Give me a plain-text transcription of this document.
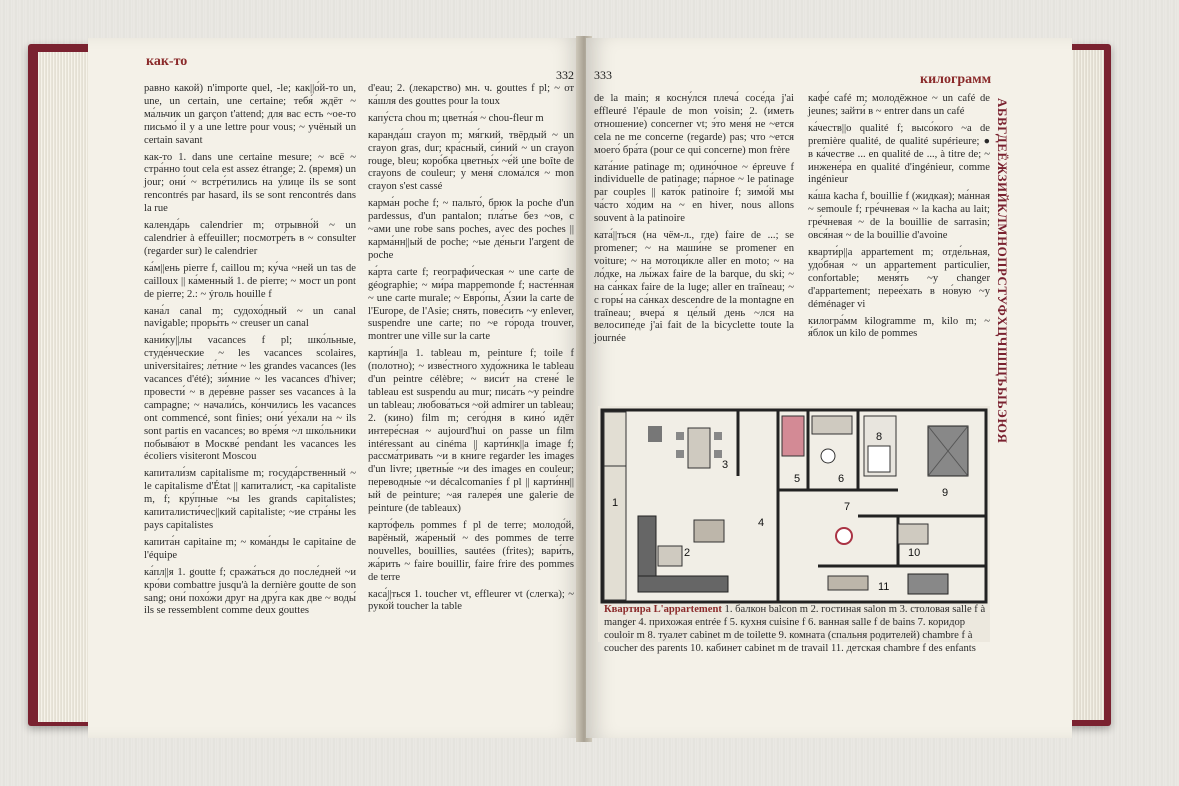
как-то
332

равно какой) n'importe quel, -le; как||о́й-то un, une, un certain, une certaine; тебя́ ждёт ~ ма́льчик un garçon t'attend; для вас есть ~ое-то письмо́ il y a une lettre pour vous; ~ учёный un certain savant

как-то 1. dans une certaine mesure; ~ всё ~ стра́нно tout cela est assez étrange; 2. (время) un jour; они́ ~ встре́тились на у́лице ils se sont rencontrés par hasard, ils se sont rencontrés dans la rue

календа́рь calendrier m; отрывно́й ~ un calendrier à effeuiller; посмотре́ть в ~ consulter (regarder sur) le calendrier

ка́м||ень pierre f, caillou m; ку́ча ~ней un tas de cailloux || ка́менный 1. de pierre; ~ мост un pont de pierre; 2.: ~ ýголь houille f

кана́л canal m; судохо́дный ~ un canal navigable; проры́ть ~ creuser un canal

кани́ку||лы vacances f pl; шко́льные, студе́нческие ~ les vacances scolaires, universitaires; ле́тние ~ les grandes vacances (les vacances d'été); зи́мние ~ les vacances d'hiver; провести́ ~ в дере́вне passer ses vacances à la campagne; ~ начали́сь, ко́нчились les vacances ont commencé, sont finies; они́ уе́хали на ~ ils sont partis en vacances; во вре́мя ~л шко́льники побыва́ют в Москве́ pendant les vacances les écoliers visiteront Moscou

капитали́зм capitalisme m; госуда́рственный ~ le capitalisme d'État || капитали́ст, -ка capitaliste m, f; кру́пные ~ы les grands capitalistes; капиталисти́чес||кий capitaliste; ~ие стра́ны les pays capitalistes

капита́н capitaine m; ~ кома́нды le capitaine de l'équipe

ка́пл||я 1. goutte f; сража́ться до после́дней ~и кро́ви combattre jusqu'à la dernière goutte de son sang; они́ похо́жи друг на дру́га как две ~ воды́ ils se ressemblent comme deux gouttes

d'eau; 2. (лекарство) мн. ч. gouttes f pl; ~ от ка́шля des gouttes pour la toux

капу́ста chou m; цветна́я ~ chou-fleur m

каранда́ш crayon m; мя́гкий, твёрдый ~ un crayon gras, dur; кра́сный, си́ний ~ un crayon rouge, bleu; коро́бка цветны́х ~е́й une boîte de crayons de couleur; у меня́ слома́лся ~ mon crayon s'est cassé

карма́н poche f; ~ пальто́, брюк la poche d'un pardessus, d'un pantalon; пла́тье без ~ов, с ~ами une robe sans poches, avec des poches || карма́нн||ый de poche; ~ые де́ньги l'argent de poche

ка́рта carte f; географи́ческая ~ une carte de géographie; ~ ми́ра mappemonde f; насте́нная ~ une carte murale; ~ Евро́пы, А́зии la carte de l'Europe, de l'Asie; снять, пове́сить ~у enlever, suspendre une carte; по ~е го́рода trouver, montrer une ville sur la carte

карти́н||а 1. tableau m, peinture f; toile f (полотно); ~ изве́стного худо́жника le tableau d'un peintre célèbre; ~ виси́т на стене́ le tableau est suspendu au mur; писа́ть ~у peindre un tableau; любова́ться ~ой admirer un tableau; 2. (кино) film m; сего́дня в кино́ идёт интере́сная ~ aujourd'hui on passe un film intéressant au cinéma || карти́нк||а image f; рассма́тривать ~и в кни́ге regarder les images d'un livre; цветны́е ~и des images en couleur; переводны́е ~и décalcomanies f pl || карти́нн||ый de peinture; ~ая галере́я une galerie de peinture (de tableaux)

карто́фель pommes f pl de terre; молодо́й, варёный, жа́реный ~ des pommes de terre nouvelles, bouillies, sautées (frites); вари́ть, жа́рить ~ faire bouillir, faire frire des pommes de terre

каса́||ться 1. toucher vt, effleurer vt (слегка); ~ руко́й toucher la table

333	килограмм

de la main; я косну́лся плеча́ сосе́да j'ai effleuré l'épaule de mon voisin; 2. (иметь отношение) concerner vt; э́то меня́ не ~ется cela ne me concerne (regarde) pas; что ~ется моего́ бра́та (pour ce qui concerne) mon frère

ката́ние patinage m; одино́чное ~ épreuve f individuelle de patinage; па́рное ~ le patinage par couples || като́к patinoire f; зимо́й мы ча́сто хо́дим на ~ en hiver, nous allons souvent à la patinoire

ката́||ться (на чём-л., где) faire de ...; se promener; ~ на маши́не se promener en voiture; ~ на мотоци́кле aller en moto; ~ на ло́дке, на лы́жах faire de la barque, du ski; ~ на са́нках faire de la luge; aller en traîneau; ~ с горы́ на са́нках descendre de la montagne en traîneau; вчера́ я це́лый день ~лся на велосипе́де j'ai fait de la bicyclette toute la journée

кафе́ café m; молодёжное ~ un café de jeunes; зайти́ в ~ entrer dans un café

ка́честв||о qualité f; высо́кого ~а de première qualité, de qualité supérieure; ● в ка́честве ... en qualité de ..., à titre de; ~ инжене́ра en qualité d'ingénieur, comme ingénieur

ка́ша kacha f, bouillie f (жидкая); ма́нная ~ semoule f; гре́чневая ~ la kacha au lait; гре́чневая ~ de la bouillie de sarrasin; овся́ная ~ de la bouillie d'avoine

кварти́р||а appartement m; отде́льная, удо́бная ~ un appartement particulier, confortable; меня́ть ~у changer d'appartement; перее́хать в но́вую ~у déménager vi

килогра́мм kilogramme m, kilo m; ~ я́блок un kilo de pommes	АБВГДЕЁЖЗИЙКЛМНОПРСТУФХЦЧШЩЪЫЬЭЮЯ
1
2
3
4
5	6
7
8
9
10
11
Квартира L'appartement 1. балкон balcon m 2. гостиная salon m 3. столовая salle f à manger 4. прихожая entrée f 5. кухня cuisine f 6. ванная salle f de bains 7. коридор couloir m 8. туалет cabinet m de toilette 9. комната (спальня родителей) chambre f à coucher des parents 10. кабинет cabinet m de travail 11. детская chambre f des enfants
